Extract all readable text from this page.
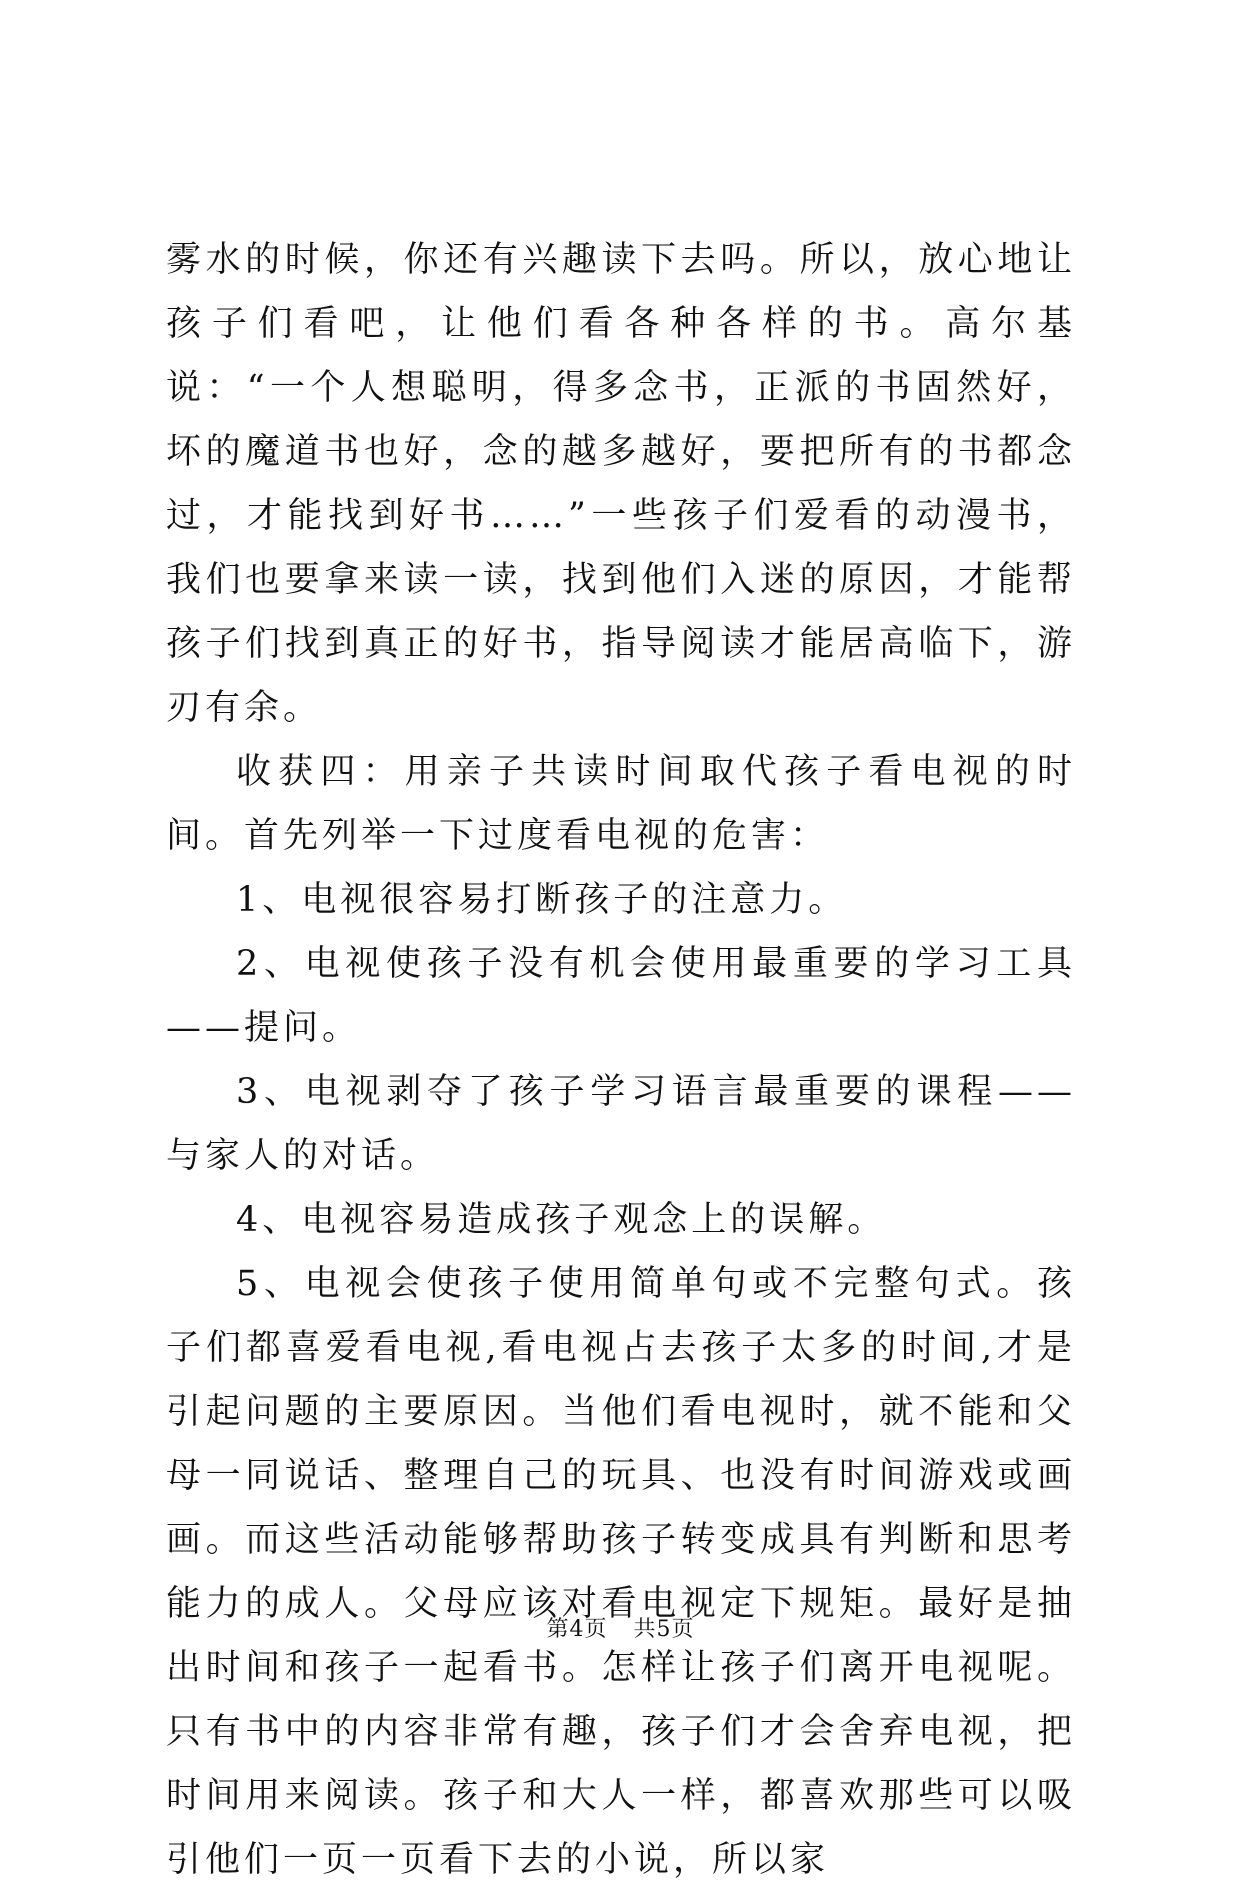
雾水的时候，你还有兴趣读下去吗。所以，放心地让孩子们看吧，让他们看各种各样的书。高尔基说：“一个人想聪明，得多念书，正派的书固然好，坏的魔道书也好，念的越多越好，要把所有的书都念过，才能找到好书……”一些孩子们爱看的动漫书，我们也要拿来读一读，找到他们入迷的原因，才能帮孩子们找到真正的好书，指导阅读才能居高临下，游刃有余。

收获四：用亲子共读时间取代孩子看电视的时间。首先列举一下过度看电视的危害：

1、电视很容易打断孩子的注意力。

2、电视使孩子没有机会使用最重要的学习工具——提问。

3、电视剥夺了孩子学习语言最重要的课程——与家人的对话。

4、电视容易造成孩子观念上的误解。

5、电视会使孩子使用简单句或不完整句式。孩子们都喜爱看电视,看电视占去孩子太多的时间,才是引起问题的主要原因。当他们看电视时，就不能和父母一同说话、整理自己的玩具、也没有时间游戏或画画。而这些活动能够帮助孩子转变成具有判断和思考能力的成人。父母应该对看电视定下规矩。最好是抽出时间和孩子一起看书。怎样让孩子们离开电视呢。只有书中的内容非常有趣，孩子们才会舍弃电视，把时间用来阅读。孩子和大人一样，都喜欢那些可以吸引他们一页一页看下去的小说，所以家

第4页 共5页
